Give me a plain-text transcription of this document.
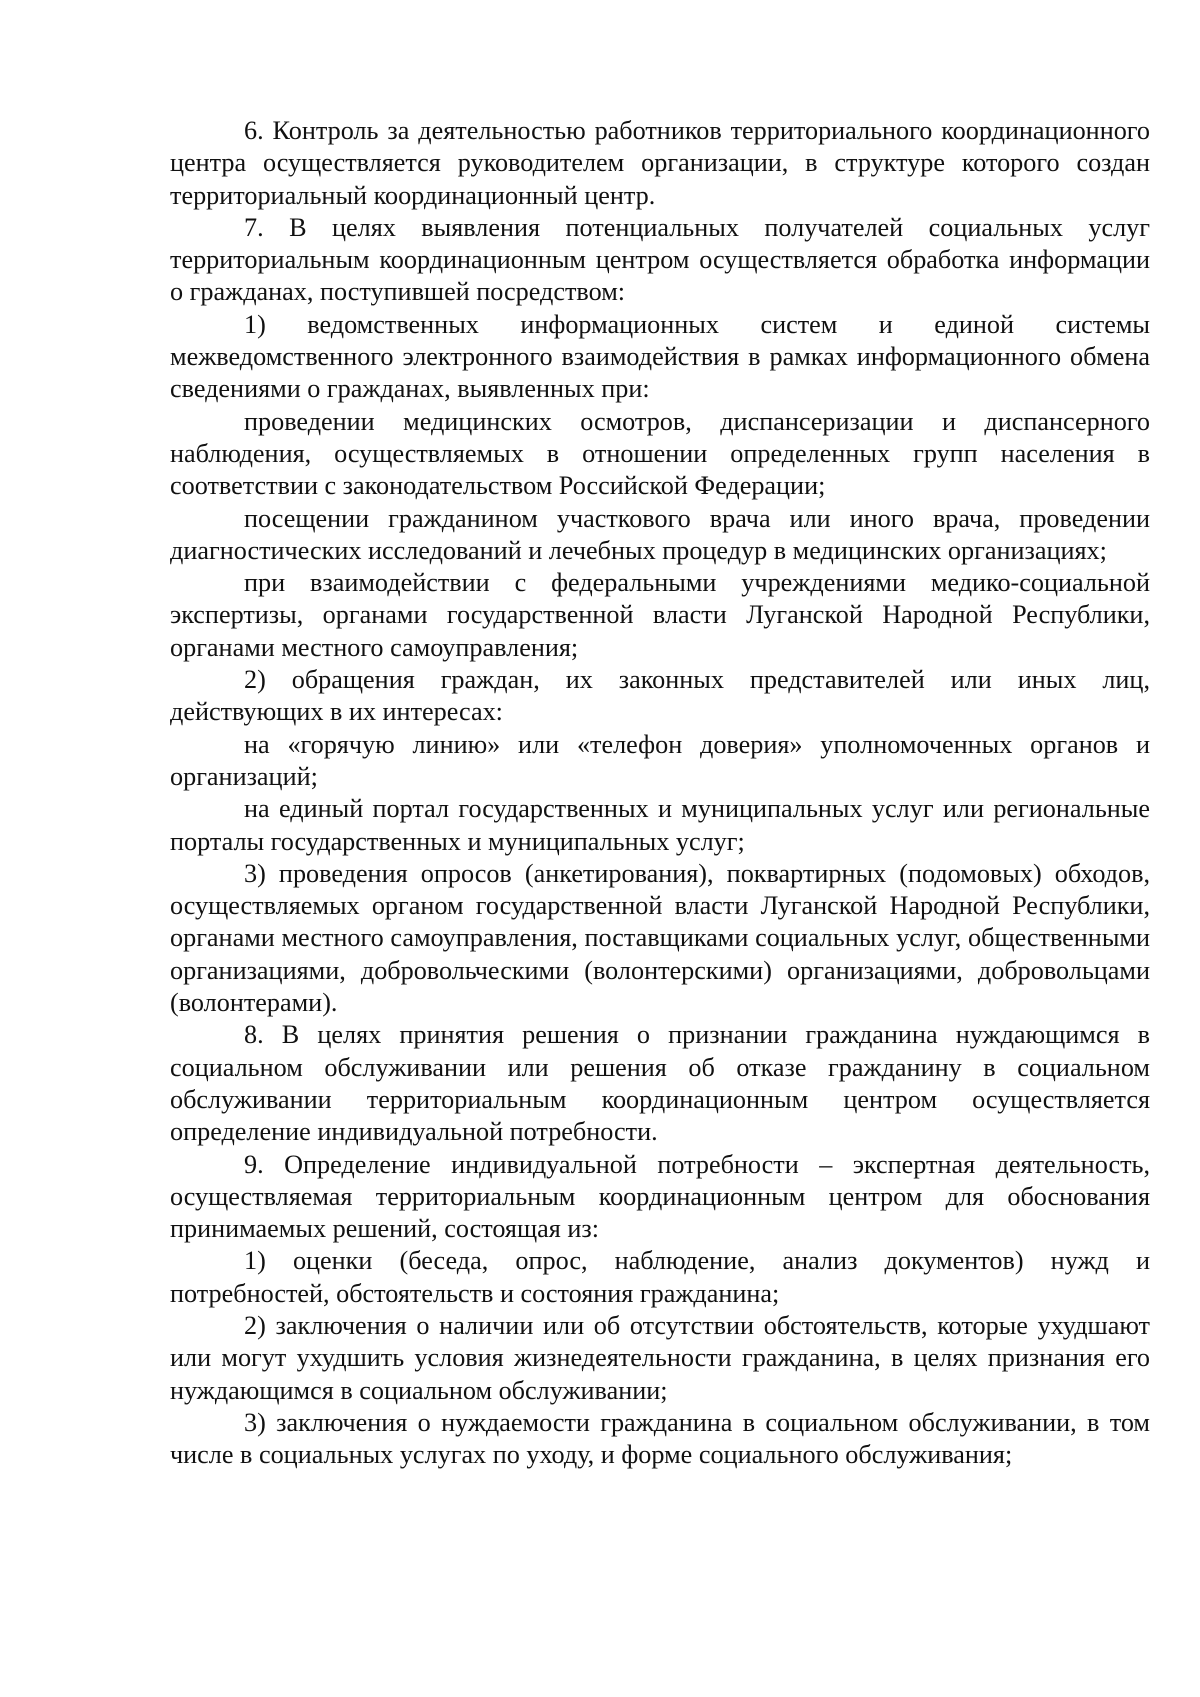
6. Контроль за деятельностью работников территориального координационного центра осуществляется руководителем организации, в структуре которого создан территориальный координационный центр.

7. В целях выявления потенциальных получателей социальных услуг территориальным координационным центром осуществляется обработка информации о гражданах, поступившей посредством:

1) ведомственных информационных систем и единой системы межведомственного электронного взаимодействия в рамках информационного обмена сведениями о гражданах, выявленных при:

проведении медицинских осмотров, диспансеризации и диспансерного наблюдения, осуществляемых в отношении определенных групп населения в соответствии с законодательством Российской Федерации;

посещении гражданином участкового врача или иного врача, проведении диагностических исследований и лечебных процедур в медицинских организациях;

при взаимодействии с федеральными учреждениями медико-социальной экспертизы, органами государственной власти Луганской Народной Республики, органами местного самоуправления;

2) обращения граждан, их законных представителей или иных лиц, действующих в их интересах:

на «горячую линию» или «телефон доверия» уполномоченных органов и организаций;

на единый портал государственных и муниципальных услуг или региональные порталы государственных и муниципальных услуг;

3) проведения опросов (анкетирования), поквартирных (подомовых) обходов, осуществляемых органом государственной власти Луганской Народной Республики, органами местного самоуправления, поставщиками социальных услуг, общественными организациями, добровольческими (волонтерскими) организациями, добровольцами (волонтерами).

8. В целях принятия решения о признании гражданина нуждающимся в социальном обслуживании или решения об отказе гражданину в социальном обслуживании территориальным координационным центром осуществляется определение индивидуальной потребности.

9. Определение индивидуальной потребности – экспертная деятельность, осуществляемая территориальным координационным центром для обоснования принимаемых решений, состоящая из:

1) оценки (беседа, опрос, наблюдение, анализ документов) нужд и потребностей, обстоятельств и состояния гражданина;

2) заключения о наличии или об отсутствии обстоятельств, которые ухудшают или могут ухудшить условия жизнедеятельности гражданина, в целях признания его нуждающимся в социальном обслуживании;

3) заключения о нуждаемости гражданина в социальном обслуживании, в том числе в социальных услугах по уходу, и форме социального обслуживания;
